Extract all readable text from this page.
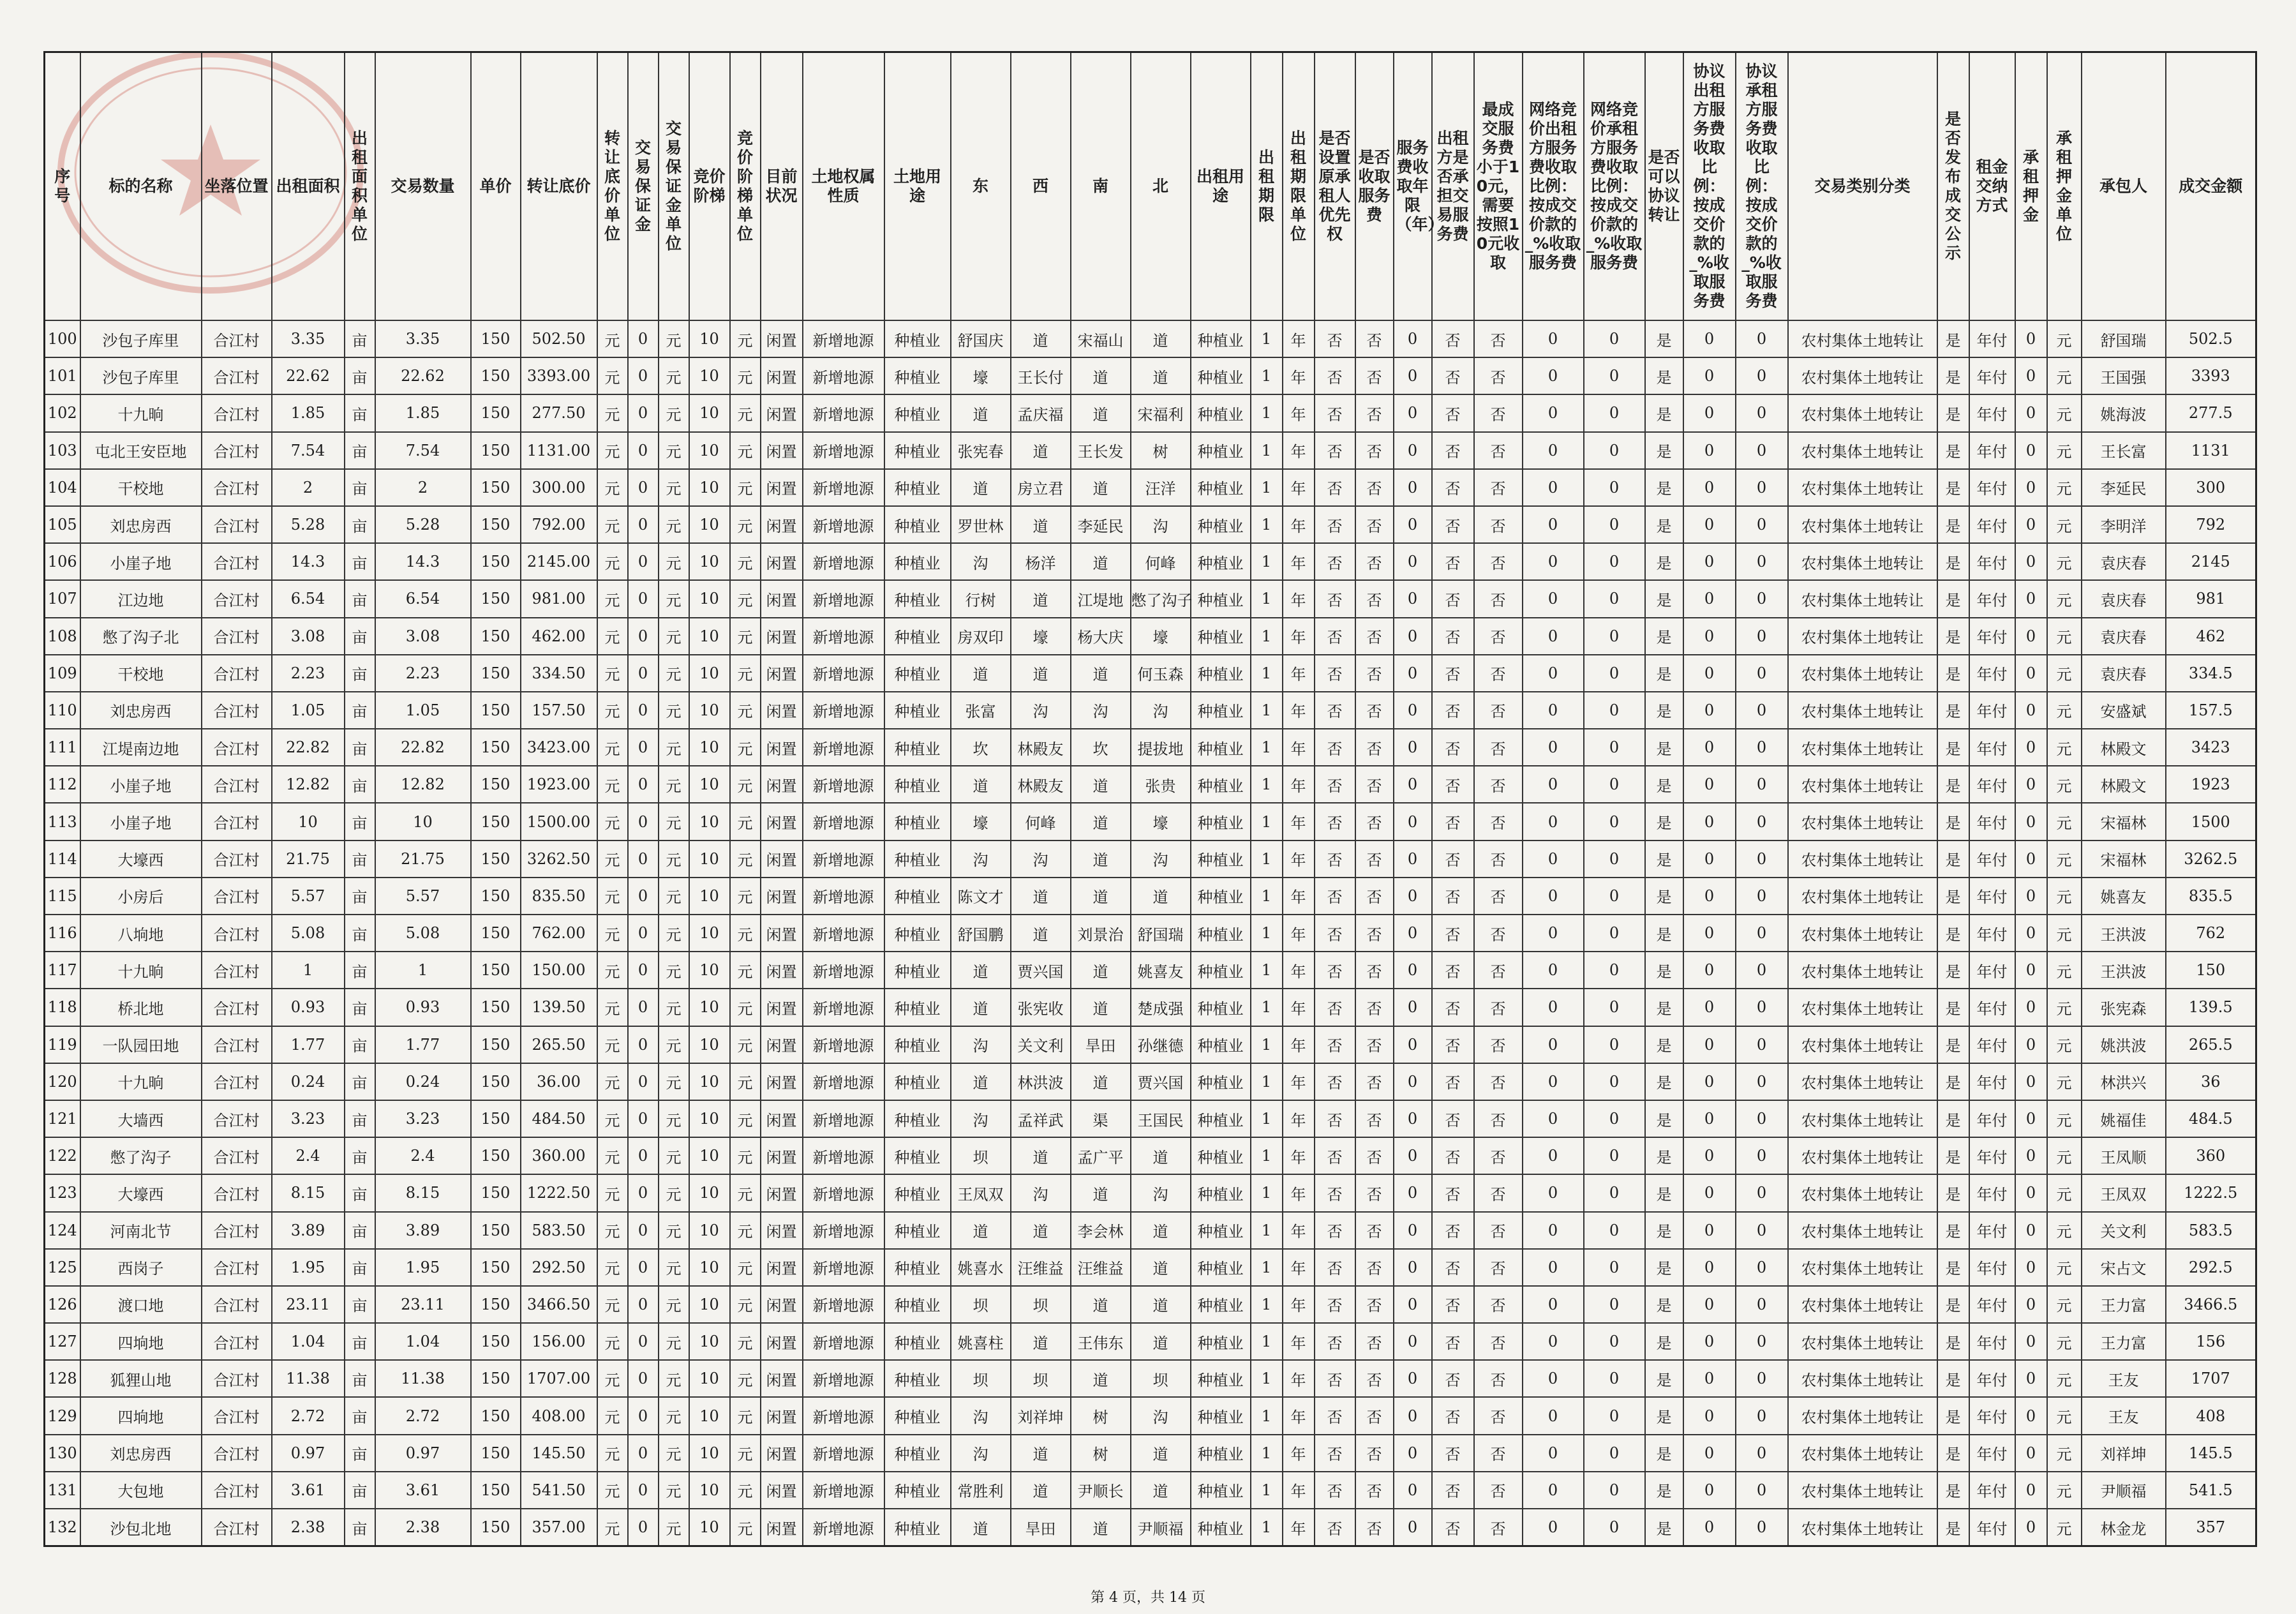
序号	标的名称	坐落位置	出租面积	出租面积单位	交易数量	单价	转让底价	转让底价单位	交易保证金	交易保证金单位	竞价阶梯	竞价阶梯单位	目前状况	土地权属性质	土地用途	东	西	南	北	出租用途	出租期限	出租期限单位	是否设置原承租人优先权	是否收取服务费	服务费收取年限（年）	出租方是否承担交易服务费	最成交服务费小于10元，需要按照10元收取	网络竞价出租方服务费收取比例：按成交价款的_%收取服务费	网络竞价承租方服务费收取比例：按成交价款的_%收取服务费	是否可以协议转让	协议出租方服务费收取比例：按成交价款的_%收取服务费	协议承租方服务费收取比例：按成交价款的_%收取服务费	交易类别分类	是否发布成交公示	租金交纳方式	承租押金	承租押金单位	承包人	成交金额
100	沙包子库里	合江村	3.35	亩	3.35	150	502.50	元	0	元	10	元	闲置	新增地源	种植业	舒国庆	道	宋福山	道	种植业	1	年	否	否	0	否	否	0	0	是	0	0	农村集体土地转让	是	年付	0	元	舒国瑞	502.5
101	沙包子库里	合江村	22.62	亩	22.62	150	3393.00	元	0	元	10	元	闲置	新增地源	种植业	壕	王长付	道	道	种植业	1	年	否	否	0	否	否	0	0	是	0	0	农村集体土地转让	是	年付	0	元	王国强	3393
102	十九晌	合江村	1.85	亩	1.85	150	277.50	元	0	元	10	元	闲置	新增地源	种植业	道	孟庆福	道	宋福利	种植业	1	年	否	否	0	否	否	0	0	是	0	0	农村集体土地转让	是	年付	0	元	姚海波	277.5
103	屯北王安臣地	合江村	7.54	亩	7.54	150	1131.00	元	0	元	10	元	闲置	新增地源	种植业	张宪春	道	王长发	树	种植业	1	年	否	否	0	否	否	0	0	是	0	0	农村集体土地转让	是	年付	0	元	王长富	1131
104	干校地	合江村	2	亩	2	150	300.00	元	0	元	10	元	闲置	新增地源	种植业	道	房立君	道	汪洋	种植业	1	年	否	否	0	否	否	0	0	是	0	0	农村集体土地转让	是	年付	0	元	李延民	300
105	刘忠房西	合江村	5.28	亩	5.28	150	792.00	元	0	元	10	元	闲置	新增地源	种植业	罗世林	道	李延民	沟	种植业	1	年	否	否	0	否	否	0	0	是	0	0	农村集体土地转让	是	年付	0	元	李明洋	792
106	小崖子地	合江村	14.3	亩	14.3	150	2145.00	元	0	元	10	元	闲置	新增地源	种植业	沟	杨洋	道	何峰	种植业	1	年	否	否	0	否	否	0	0	是	0	0	农村集体土地转让	是	年付	0	元	袁庆春	2145
107	江边地	合江村	6.54	亩	6.54	150	981.00	元	0	元	10	元	闲置	新增地源	种植业	行树	道	江堤地	憋了沟子	种植业	1	年	否	否	0	否	否	0	0	是	0	0	农村集体土地转让	是	年付	0	元	袁庆春	981
108	憋了沟子北	合江村	3.08	亩	3.08	150	462.00	元	0	元	10	元	闲置	新增地源	种植业	房双印	壕	杨大庆	壕	种植业	1	年	否	否	0	否	否	0	0	是	0	0	农村集体土地转让	是	年付	0	元	袁庆春	462
109	干校地	合江村	2.23	亩	2.23	150	334.50	元	0	元	10	元	闲置	新增地源	种植业	道	道	道	何玉森	种植业	1	年	否	否	0	否	否	0	0	是	0	0	农村集体土地转让	是	年付	0	元	袁庆春	334.5
110	刘忠房西	合江村	1.05	亩	1.05	150	157.50	元	0	元	10	元	闲置	新增地源	种植业	张富	沟	沟	沟	种植业	1	年	否	否	0	否	否	0	0	是	0	0	农村集体土地转让	是	年付	0	元	安盛斌	157.5
111	江堤南边地	合江村	22.82	亩	22.82	150	3423.00	元	0	元	10	元	闲置	新增地源	种植业	坎	林殿友	坎	提拔地	种植业	1	年	否	否	0	否	否	0	0	是	0	0	农村集体土地转让	是	年付	0	元	林殿文	3423
112	小崖子地	合江村	12.82	亩	12.82	150	1923.00	元	0	元	10	元	闲置	新增地源	种植业	道	林殿友	道	张贵	种植业	1	年	否	否	0	否	否	0	0	是	0	0	农村集体土地转让	是	年付	0	元	林殿文	1923
113	小崖子地	合江村	10	亩	10	150	1500.00	元	0	元	10	元	闲置	新增地源	种植业	壕	何峰	道	壕	种植业	1	年	否	否	0	否	否	0	0	是	0	0	农村集体土地转让	是	年付	0	元	宋福林	1500
114	大壕西	合江村	21.75	亩	21.75	150	3262.50	元	0	元	10	元	闲置	新增地源	种植业	沟	沟	道	沟	种植业	1	年	否	否	0	否	否	0	0	是	0	0	农村集体土地转让	是	年付	0	元	宋福林	3262.5
115	小房后	合江村	5.57	亩	5.57	150	835.50	元	0	元	10	元	闲置	新增地源	种植业	陈文才	道	道	道	种植业	1	年	否	否	0	否	否	0	0	是	0	0	农村集体土地转让	是	年付	0	元	姚喜友	835.5
116	八垧地	合江村	5.08	亩	5.08	150	762.00	元	0	元	10	元	闲置	新增地源	种植业	舒国鹏	道	刘景治	舒国瑞	种植业	1	年	否	否	0	否	否	0	0	是	0	0	农村集体土地转让	是	年付	0	元	王洪波	762
117	十九晌	合江村	1	亩	1	150	150.00	元	0	元	10	元	闲置	新增地源	种植业	道	贾兴国	道	姚喜友	种植业	1	年	否	否	0	否	否	0	0	是	0	0	农村集体土地转让	是	年付	0	元	王洪波	150
118	桥北地	合江村	0.93	亩	0.93	150	139.50	元	0	元	10	元	闲置	新增地源	种植业	道	张宪收	道	楚成强	种植业	1	年	否	否	0	否	否	0	0	是	0	0	农村集体土地转让	是	年付	0	元	张宪森	139.5
119	一队园田地	合江村	1.77	亩	1.77	150	265.50	元	0	元	10	元	闲置	新增地源	种植业	沟	关文利	旱田	孙继德	种植业	1	年	否	否	0	否	否	0	0	是	0	0	农村集体土地转让	是	年付	0	元	姚洪波	265.5
120	十九晌	合江村	0.24	亩	0.24	150	36.00	元	0	元	10	元	闲置	新增地源	种植业	道	林洪波	道	贾兴国	种植业	1	年	否	否	0	否	否	0	0	是	0	0	农村集体土地转让	是	年付	0	元	林洪兴	36
121	大墙西	合江村	3.23	亩	3.23	150	484.50	元	0	元	10	元	闲置	新增地源	种植业	沟	孟祥武	渠	王国民	种植业	1	年	否	否	0	否	否	0	0	是	0	0	农村集体土地转让	是	年付	0	元	姚福佳	484.5
122	憋了沟子	合江村	2.4	亩	2.4	150	360.00	元	0	元	10	元	闲置	新增地源	种植业	坝	道	孟广平	道	种植业	1	年	否	否	0	否	否	0	0	是	0	0	农村集体土地转让	是	年付	0	元	王凤顺	360
123	大壕西	合江村	8.15	亩	8.15	150	1222.50	元	0	元	10	元	闲置	新增地源	种植业	王凤双	沟	道	沟	种植业	1	年	否	否	0	否	否	0	0	是	0	0	农村集体土地转让	是	年付	0	元	王凤双	1222.5
124	河南北节	合江村	3.89	亩	3.89	150	583.50	元	0	元	10	元	闲置	新增地源	种植业	道	道	李会林	道	种植业	1	年	否	否	0	否	否	0	0	是	0	0	农村集体土地转让	是	年付	0	元	关文利	583.5
125	西岗子	合江村	1.95	亩	1.95	150	292.50	元	0	元	10	元	闲置	新增地源	种植业	姚喜水	汪维益	汪维益	道	种植业	1	年	否	否	0	否	否	0	0	是	0	0	农村集体土地转让	是	年付	0	元	宋占文	292.5
126	渡口地	合江村	23.11	亩	23.11	150	3466.50	元	0	元	10	元	闲置	新增地源	种植业	坝	坝	道	道	种植业	1	年	否	否	0	否	否	0	0	是	0	0	农村集体土地转让	是	年付	0	元	王力富	3466.5
127	四垧地	合江村	1.04	亩	1.04	150	156.00	元	0	元	10	元	闲置	新增地源	种植业	姚喜柱	道	王伟东	道	种植业	1	年	否	否	0	否	否	0	0	是	0	0	农村集体土地转让	是	年付	0	元	王力富	156
128	狐狸山地	合江村	11.38	亩	11.38	150	1707.00	元	0	元	10	元	闲置	新增地源	种植业	坝	坝	道	坝	种植业	1	年	否	否	0	否	否	0	0	是	0	0	农村集体土地转让	是	年付	0	元	王友	1707
129	四垧地	合江村	2.72	亩	2.72	150	408.00	元	0	元	10	元	闲置	新增地源	种植业	沟	刘祥坤	树	沟	种植业	1	年	否	否	0	否	否	0	0	是	0	0	农村集体土地转让	是	年付	0	元	王友	408
130	刘忠房西	合江村	0.97	亩	0.97	150	145.50	元	0	元	10	元	闲置	新增地源	种植业	沟	道	树	道	种植业	1	年	否	否	0	否	否	0	0	是	0	0	农村集体土地转让	是	年付	0	元	刘祥坤	145.5
131	大包地	合江村	3.61	亩	3.61	150	541.50	元	0	元	10	元	闲置	新增地源	种植业	常胜利	道	尹顺长	道	种植业	1	年	否	否	0	否	否	0	0	是	0	0	农村集体土地转让	是	年付	0	元	尹顺福	541.5
132	沙包北地	合江村	2.38	亩	2.38	150	357.00	元	0	元	10	元	闲置	新增地源	种植业	道	旱田	道	尹顺福	种植业	1	年	否	否	0	否	否	0	0	是	0	0	农村集体土地转让	是	年付	0	元	林金龙	357
第 4 页，共 14 页
